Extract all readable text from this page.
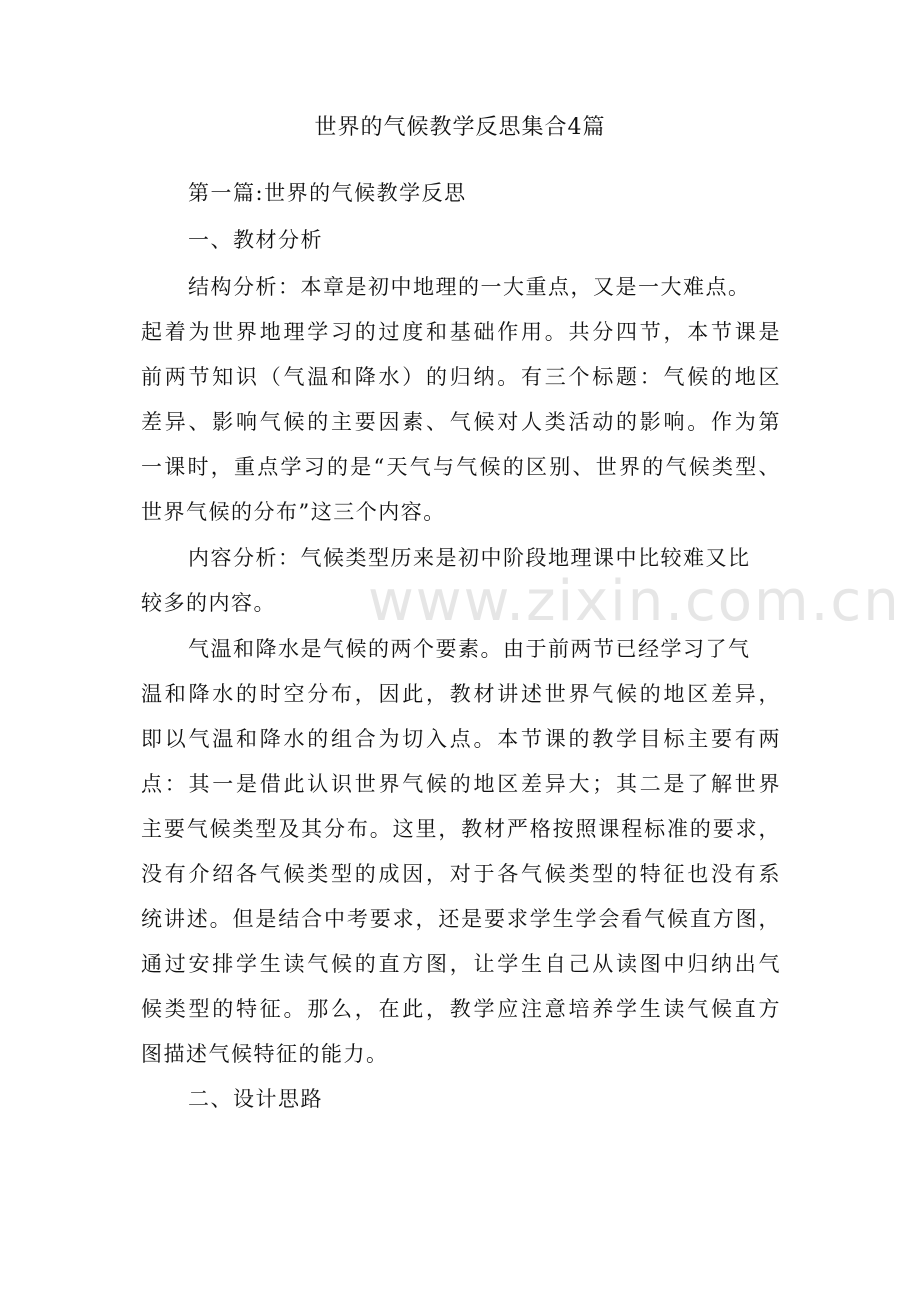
www.zixin.com.cn
世界的气候教学反思集合4篇
第一篇:世界的气候教学反思
一、教材分析
结构分析：本章是初中地理的一大重点，又是一大难点。
起着为世界地理学习的过度和基础作用。共分四节，本节课是
前两节知识（气温和降水）的归纳。有三个标题：气候的地区
差异、影响气候的主要因素、气候对人类活动的影响。作为第
一课时，重点学习的是“天气与气候的区别、世界的气候类型、
世界气候的分布”这三个内容。
内容分析：气候类型历来是初中阶段地理课中比较难又比
较多的内容。
气温和降水是气候的两个要素。由于前两节已经学习了气
温和降水的时空分布，因此，教材讲述世界气候的地区差异，
即以气温和降水的组合为切入点。本节课的教学目标主要有两
点：其一是借此认识世界气候的地区差异大；其二是了解世界
主要气候类型及其分布。这里，教材严格按照课程标准的要求，
没有介绍各气候类型的成因，对于各气候类型的特征也没有系
统讲述。但是结合中考要求，还是要求学生学会看气候直方图，
通过安排学生读气候的直方图，让学生自己从读图中归纳出气
候类型的特征。那么，在此，教学应注意培养学生读气候直方
图描述气候特征的能力。
二、设计思路
